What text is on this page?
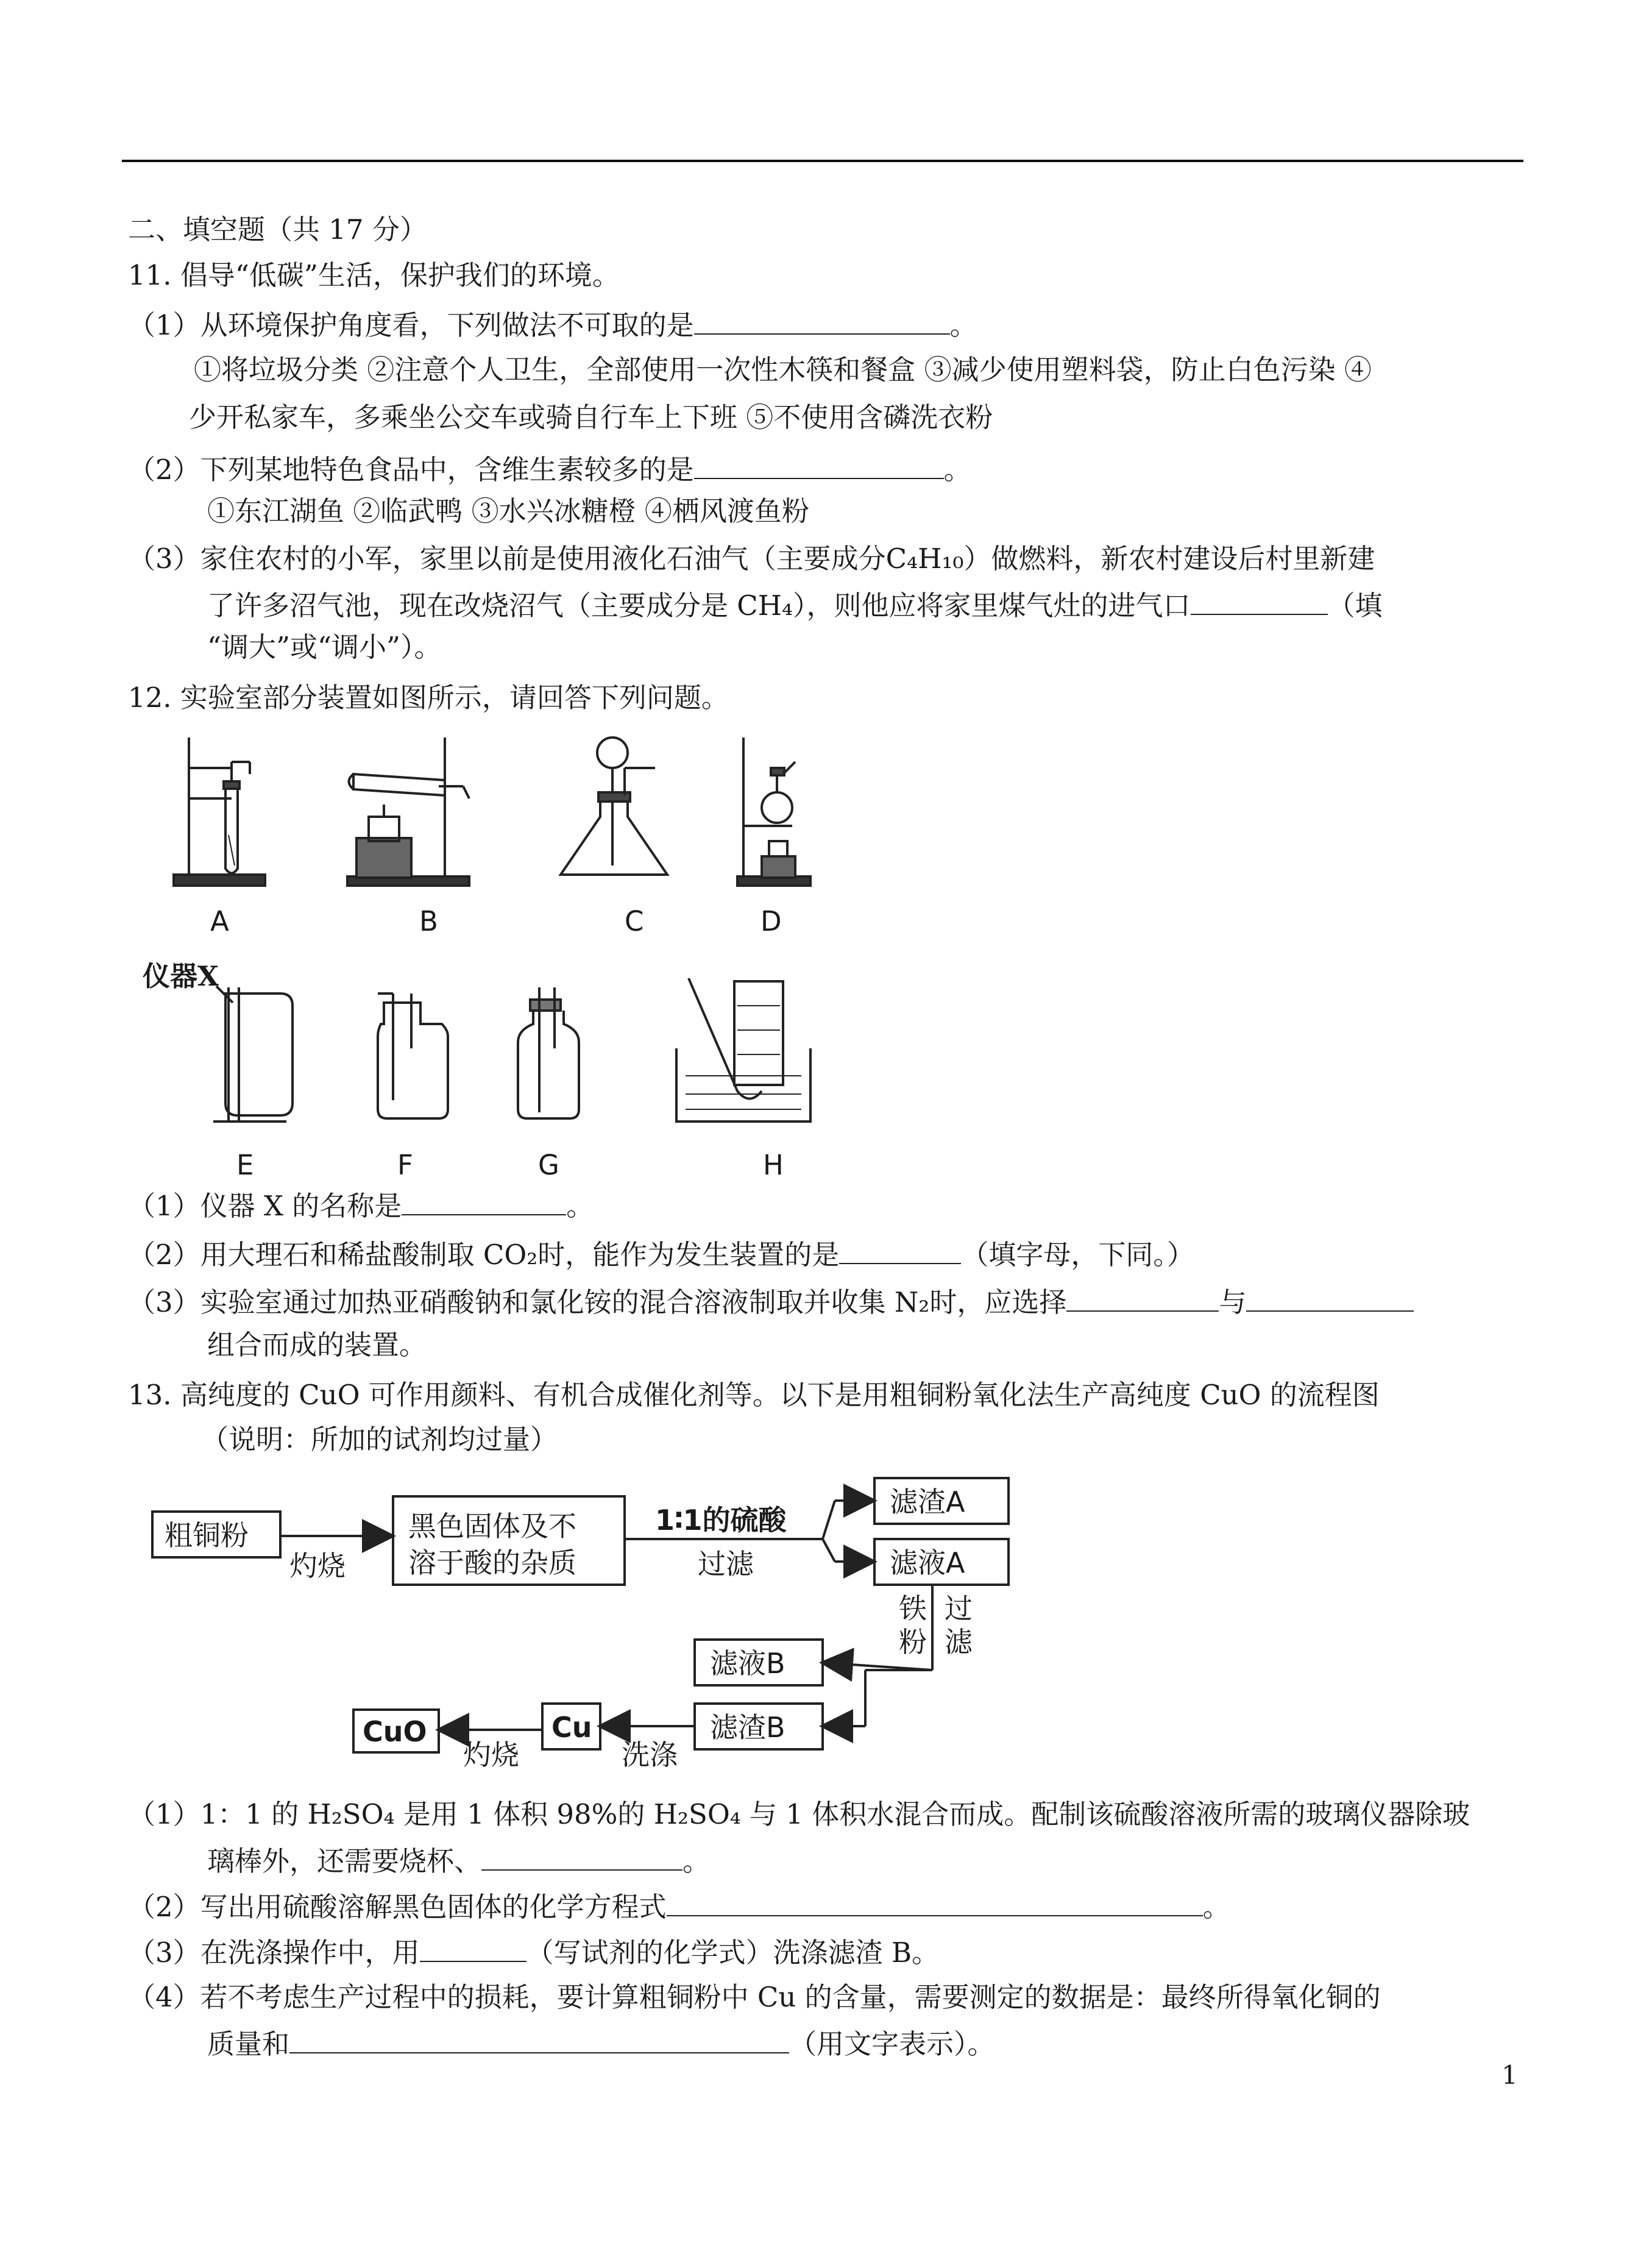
二、填空题（共 17 分）
11. 倡导“低碳”生活，保护我们的环境。
（1）从环境保护角度看，下列做法不可取的是	。
①将垃圾分类 ②注意个人卫生，全部使用一次性木筷和餐盒 ③减少使用塑料袋，防止白色污染 ④
少开私家车，多乘坐公交车或骑自行车上下班 ⑤不使用含磷洗衣粉
（2）下列某地特色食品中，含维生素较多的是	。
①东江湖鱼 ②临武鸭 ③水兴冰糖橙 ④栖风渡鱼粉
（3）家住农村的小军，家里以前是使用液化石油气（主要成分C₄H₁₀）做燃料，新农村建设后村里新建
了许多沼气池，现在改烧沼气（主要成分是 CH₄），则他应将家里煤气灶的进气口	（填
“调大”或“调小”）。
12. 实验室部分装置如图所示，请回答下列问题。
A	B	C	D
仪器X
E	F	G	H
（1）仪器 X 的名称是	。
（2）用大理石和稀盐酸制取 CO₂时，能作为发生装置的是	（填字母，下同。）
（3）实验室通过加热亚硝酸钠和氯化铵的混合溶液制取并收集 N₂时，应选择	与
组合而成的装置。
13. 高纯度的 CuO 可作用颜料、有机合成催化剂等。以下是用粗铜粉氧化法生产高纯度 CuO 的流程图
（说明：所加的试剂均过量）
粗铜粉
灼烧
黑色固体及不
溶于酸的杂质
1∶1的硫酸
过滤
滤渣A
滤液A
铁
粉
过
滤
滤液B
滤渣B
洗涤
Cu
灼烧
CuO
（1）1：1 的 H₂SO₄ 是用 1 体积 98%的 H₂SO₄ 与 1 体积水混合而成。配制该硫酸溶液所需的玻璃仪器除玻
璃棒外，还需要烧杯、	。
（2）写出用硫酸溶解黑色固体的化学方程式	。
（3）在洗涤操作中，用	（写试剂的化学式）洗涤滤渣 B。
（4）若不考虑生产过程中的损耗，要计算粗铜粉中 Cu 的含量，需要测定的数据是：最终所得氧化铜的
质量和	（用文字表示）。
1
